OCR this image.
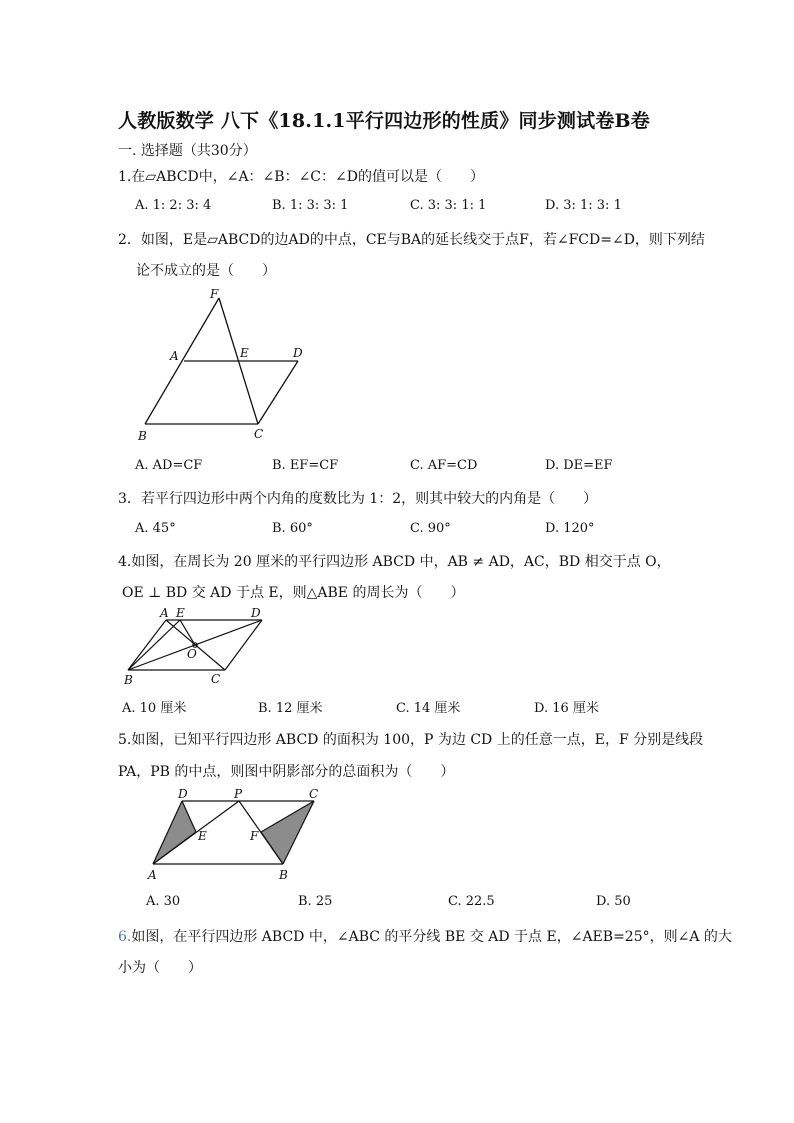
人教版数学 八下《18.1.1平行四边形的性质》同步测试卷B卷
一. 选择题（共30分）
1.在▱ABCD中，∠A：∠B：∠C：∠D的值可以是（　　）
A. 1: 2: 3: 4	B. 1: 3: 3: 1	C. 3: 3: 1: 1	D. 3: 1: 3: 1
2．如图，E是▱ABCD的边AD的中点，CE与BA的延长线交于点F，若∠FCD=∠D，则下列结
论不成立的是（　　）
F
A	E	D
B	C
A. AD=CF	B. EF=CF	C. AF=CD	D. DE=EF
3．若平行四边形中两个内角的度数比为 1：2，则其中较大的内角是（　　）
A. 45°	B. 60°	C. 90°	D. 120°
4.如图，在周长为 20 厘米的平行四边形 ABCD 中，AB ≠ AD，AC，BD 相交于点 O，
OE ⊥ BD 交 AD 于点 E，则△ABE 的周长为（　　）
A E	D
O
B	C
A. 10 厘米	B. 12 厘米	C. 14 厘米	D. 16 厘米
5.如图，已知平行四边形 ABCD 的面积为 100，P 为边 CD 上的任意一点，E，F 分别是线段
PA，PB 的中点，则图中阴影部分的总面积为（　　）
D	P	C
E	F
A	B
A. 30	B. 25	C. 22.5	D. 50
6.如图，在平行四边形 ABCD 中，∠ABC 的平分线 BE 交 AD 于点 E，∠AEB=25°，则∠A 的大
小为（　　）
